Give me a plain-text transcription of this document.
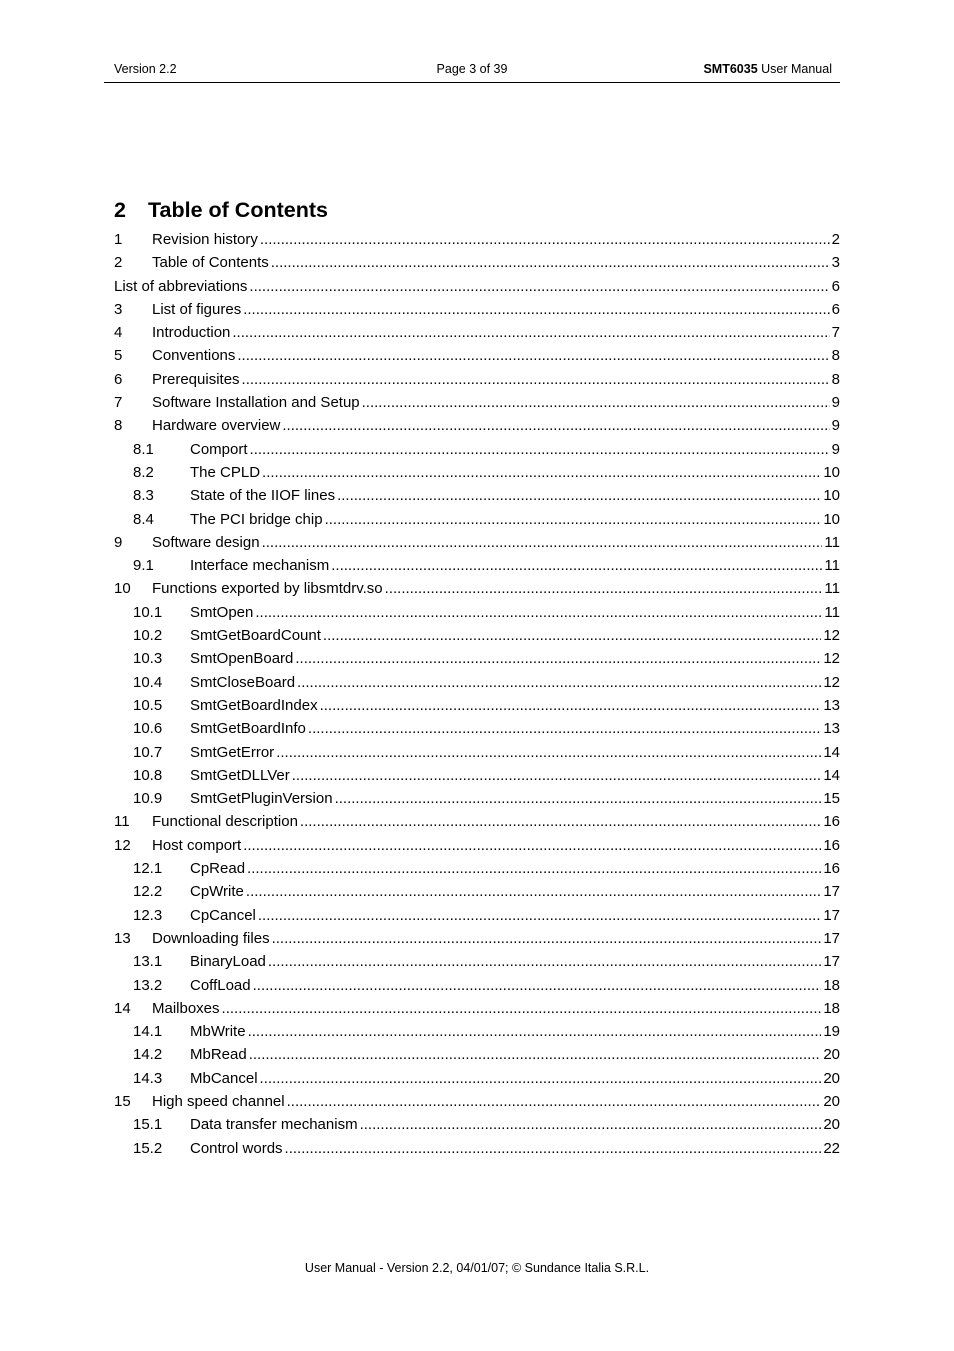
Version 2.2	Page 3 of 39	SMT6035 User Manual
2 Table of Contents
1 Revision history .....	2
2 Table of Contents .....	3
List of abbreviations .....	6
3 List of figures .....	6
4 Introduction .....	7
5 Conventions .....	8
6 Prerequisites .....	8
7 Software Installation and Setup .....	9
8 Hardware overview .....	9
8.1 Comport .....	9
8.2 The CPLD .....	10
8.3 State of the IIOF lines .....	10
8.4 The PCI bridge chip .....	10
9 Software design .....	11
9.1 Interface mechanism .....	11
10 Functions exported by libsmtdrv.so .....	11
10.1 SmtOpen .....	11
10.2 SmtGetBoardCount .....	12
10.3 SmtOpenBoard .....	12
10.4 SmtCloseBoard .....	12
10.5 SmtGetBoardIndex .....	13
10.6 SmtGetBoardInfo .....	13
10.7 SmtGetError .....	14
10.8 SmtGetDLLVer .....	14
10.9 SmtGetPluginVersion .....	15
11 Functional description .....	16
12 Host comport .....	16
12.1 CpRead .....	16
12.2 CpWrite .....	17
12.3 CpCancel .....	17
13 Downloading files .....	17
13.1 BinaryLoad .....	17
13.2 CoffLoad .....	18
14 Mailboxes .....	18
14.1 MbWrite .....	19
14.2 MbRead .....	20
14.3 MbCancel .....	20
15 High speed channel .....	20
15.1 Data transfer mechanism .....	20
15.2 Control words .....	22
User Manual - Version 2.2, 04/01/07; © Sundance Italia S.R.L.
